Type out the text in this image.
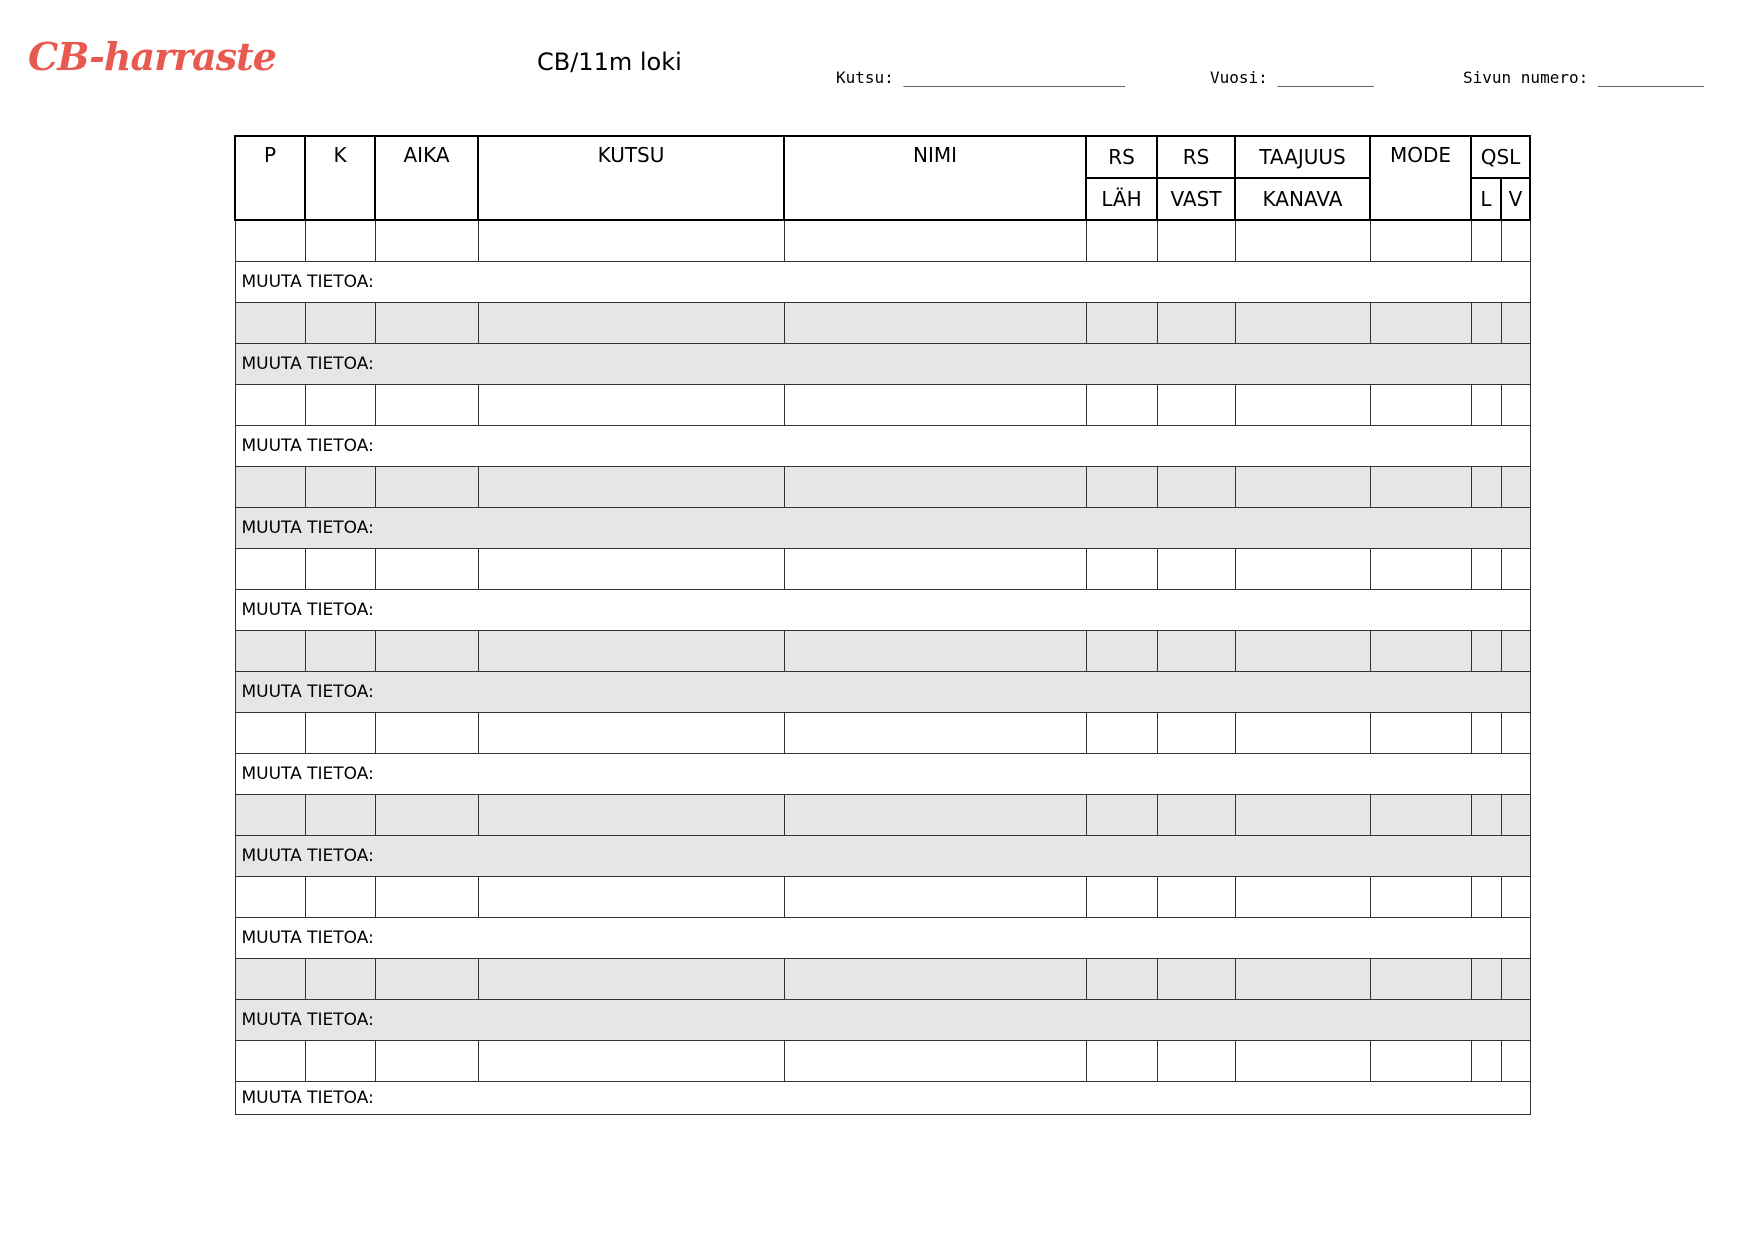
CB-harraste	CB/11m loki
Kutsu: _______________________	Vuosi: __________	Sivun numero: ___________
P	K	AIKA	KUTSU	NIMI	RS	RS	TAAJUUS	MODE	QSL	
					LÄH	VAST	KANAVA		L	V

MUUTA TIETOA:										

MUUTA TIETOA:										

MUUTA TIETOA:										

MUUTA TIETOA:										

MUUTA TIETOA:										

MUUTA TIETOA:										

MUUTA TIETOA:										

MUUTA TIETOA:										

MUUTA TIETOA:										

MUUTA TIETOA:										

MUUTA TIETOA:										
